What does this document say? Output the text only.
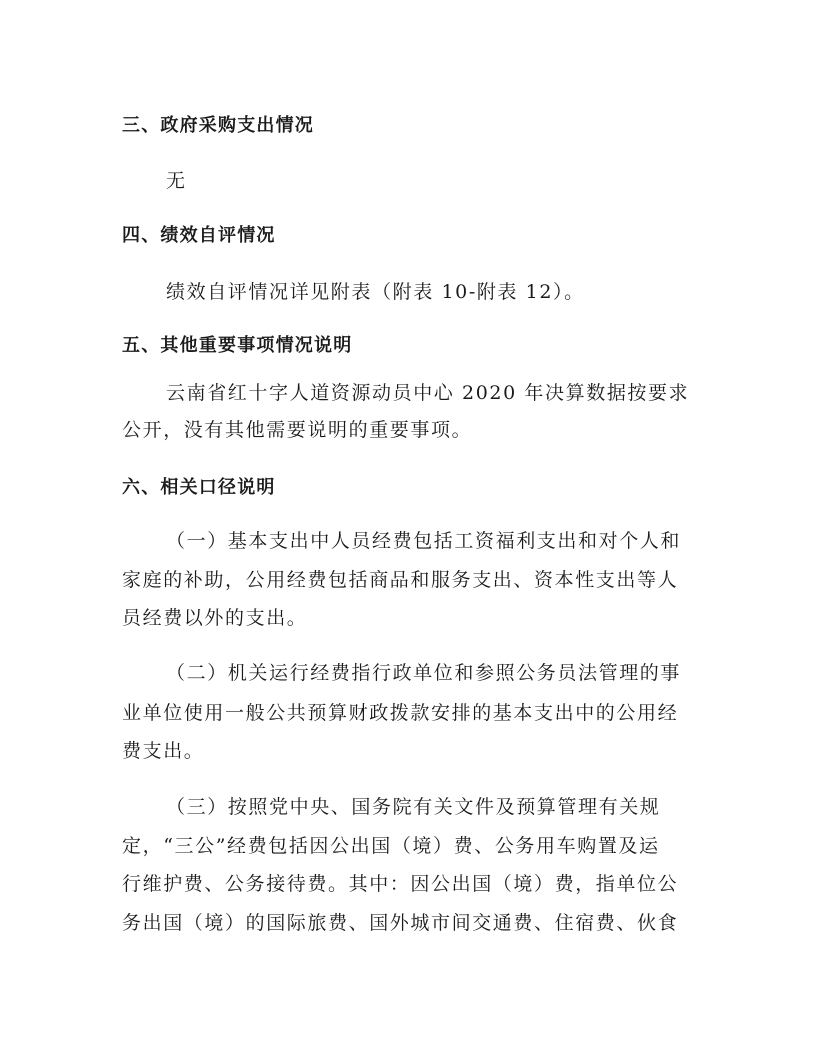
三、政府采购支出情况
无
四、绩效自评情况
绩效自评情况详见附表（附表 10-附表 12）。
五、其他重要事项情况说明
云南省红十字人道资源动员中心 2020 年决算数据按要求
公开，没有其他需要说明的重要事项。
六、相关口径说明
（一）基本支出中人员经费包括工资福利支出和对个人和
家庭的补助，公用经费包括商品和服务支出、资本性支出等人
员经费以外的支出。
（二）机关运行经费指行政单位和参照公务员法管理的事
业单位使用一般公共预算财政拨款安排的基本支出中的公用经
费支出。
（三）按照党中央、国务院有关文件及预算管理有关规
定，“三公”经费包括因公出国（境）费、公务用车购置及运
行维护费、公务接待费。其中：因公出国（境）费，指单位公
务出国（境）的国际旅费、国外城市间交通费、住宿费、伙食
